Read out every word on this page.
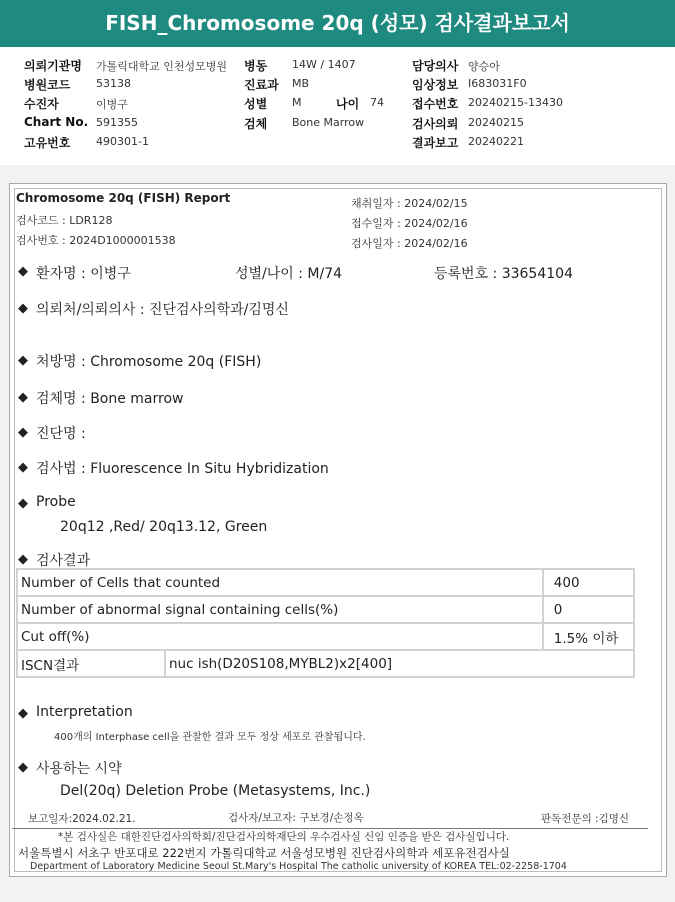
FISH_Chromosome 20q (성모) 검사결과보고서
의뢰기관명 가톨릭대학교 인천성모병원 병동 14W / 1407	담당의사 양승아
병원코드 53138	진료과 MB	임상정보 I683031F0
수진자	이병구	성별 M	나이 74 접수번호 20240215-13430
Chart No. 591355	검체 Bone Marrow	검사의뢰 20240215
고유번호 490301-1	결과보고 20240221
Chromosome 20q (FISH) Report
검사코드 : LDR128
검사번호 : 2024D1000001538
채취일자 : 2024/02/15
접수일자 : 2024/02/16
검사일자 : 2024/02/16
◆ 환자명 : 이병구	성별/나이 : M/74	등록번호 : 33654104
◆ 의뢰처/의뢰의사 : 진단검사의학과/김명신
◆ 처방명 : Chromosome 20q (FISH)
◆ 검체명 : Bone marrow
◆ 진단명 :
◆ 검사법 : Fluorescence In Situ Hybridization
◆ Probe
20q12 ,Red/ 20q13.12, Green
◆ 검사결과
Number of Cells that counted		400
Number of abnormal signal containing cells(%)		0
Cut off(%)		1.5% 이하
ISCN결과	nuc ish(D20S108,MYBL2)x2[400]	
◆ Interpretation
400개의 Interphase cell을 관찰한 결과 모두 정상 세포로 관찰됩니다.
◆ 사용하는 시약
Del(20q) Deletion Probe (Metasystems, Inc.)
보고일자:2024.02.21.	검사자/보고자: 구보경/손정옥	판독전문의 :김명신
*본 검사실은 대한진단검사의학회/진단검사의학재단의 우수검사실 신임 인증을 받은 검사실입니다.
서울특별시 서초구 반포대로 222번지 가톨릭대학교 서울성모병원 진단검사의학과 세포유전검사실
Department of Laboratory Medicine Seoul St.Mary's Hospital The catholic university of KOREA TEL:02-2258-1704
